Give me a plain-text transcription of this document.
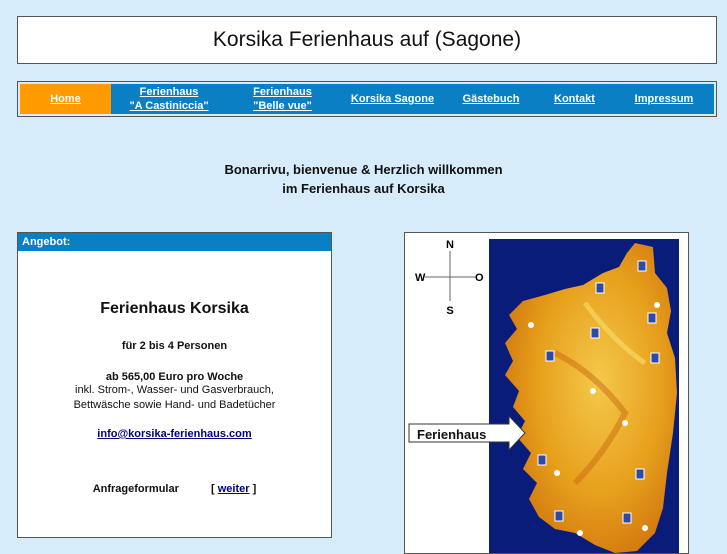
Korsika Ferienhaus auf (Sagone)
Home
Ferienhaus
"A Castiniccia"
Ferienhaus
"Belle vue"
Korsika Sagone	Gästebuch	Kontakt	Impressum
Bonarrivu, bienvenue & Herzlich willkommen
im Ferienhaus auf Korsika
Angebot:
Ferienhaus Korsika
für 2 bis 4 Personen
ab 565,00 Euro pro Woche
inkl. Strom-, Wasser- und Gasverbrauch,
Bettwäsche sowie Hand- und Badetücher
info@korsika-ferienhaus.com
Anfrageformular	[ weiter ]
N
S
W	O
Ferienhaus
